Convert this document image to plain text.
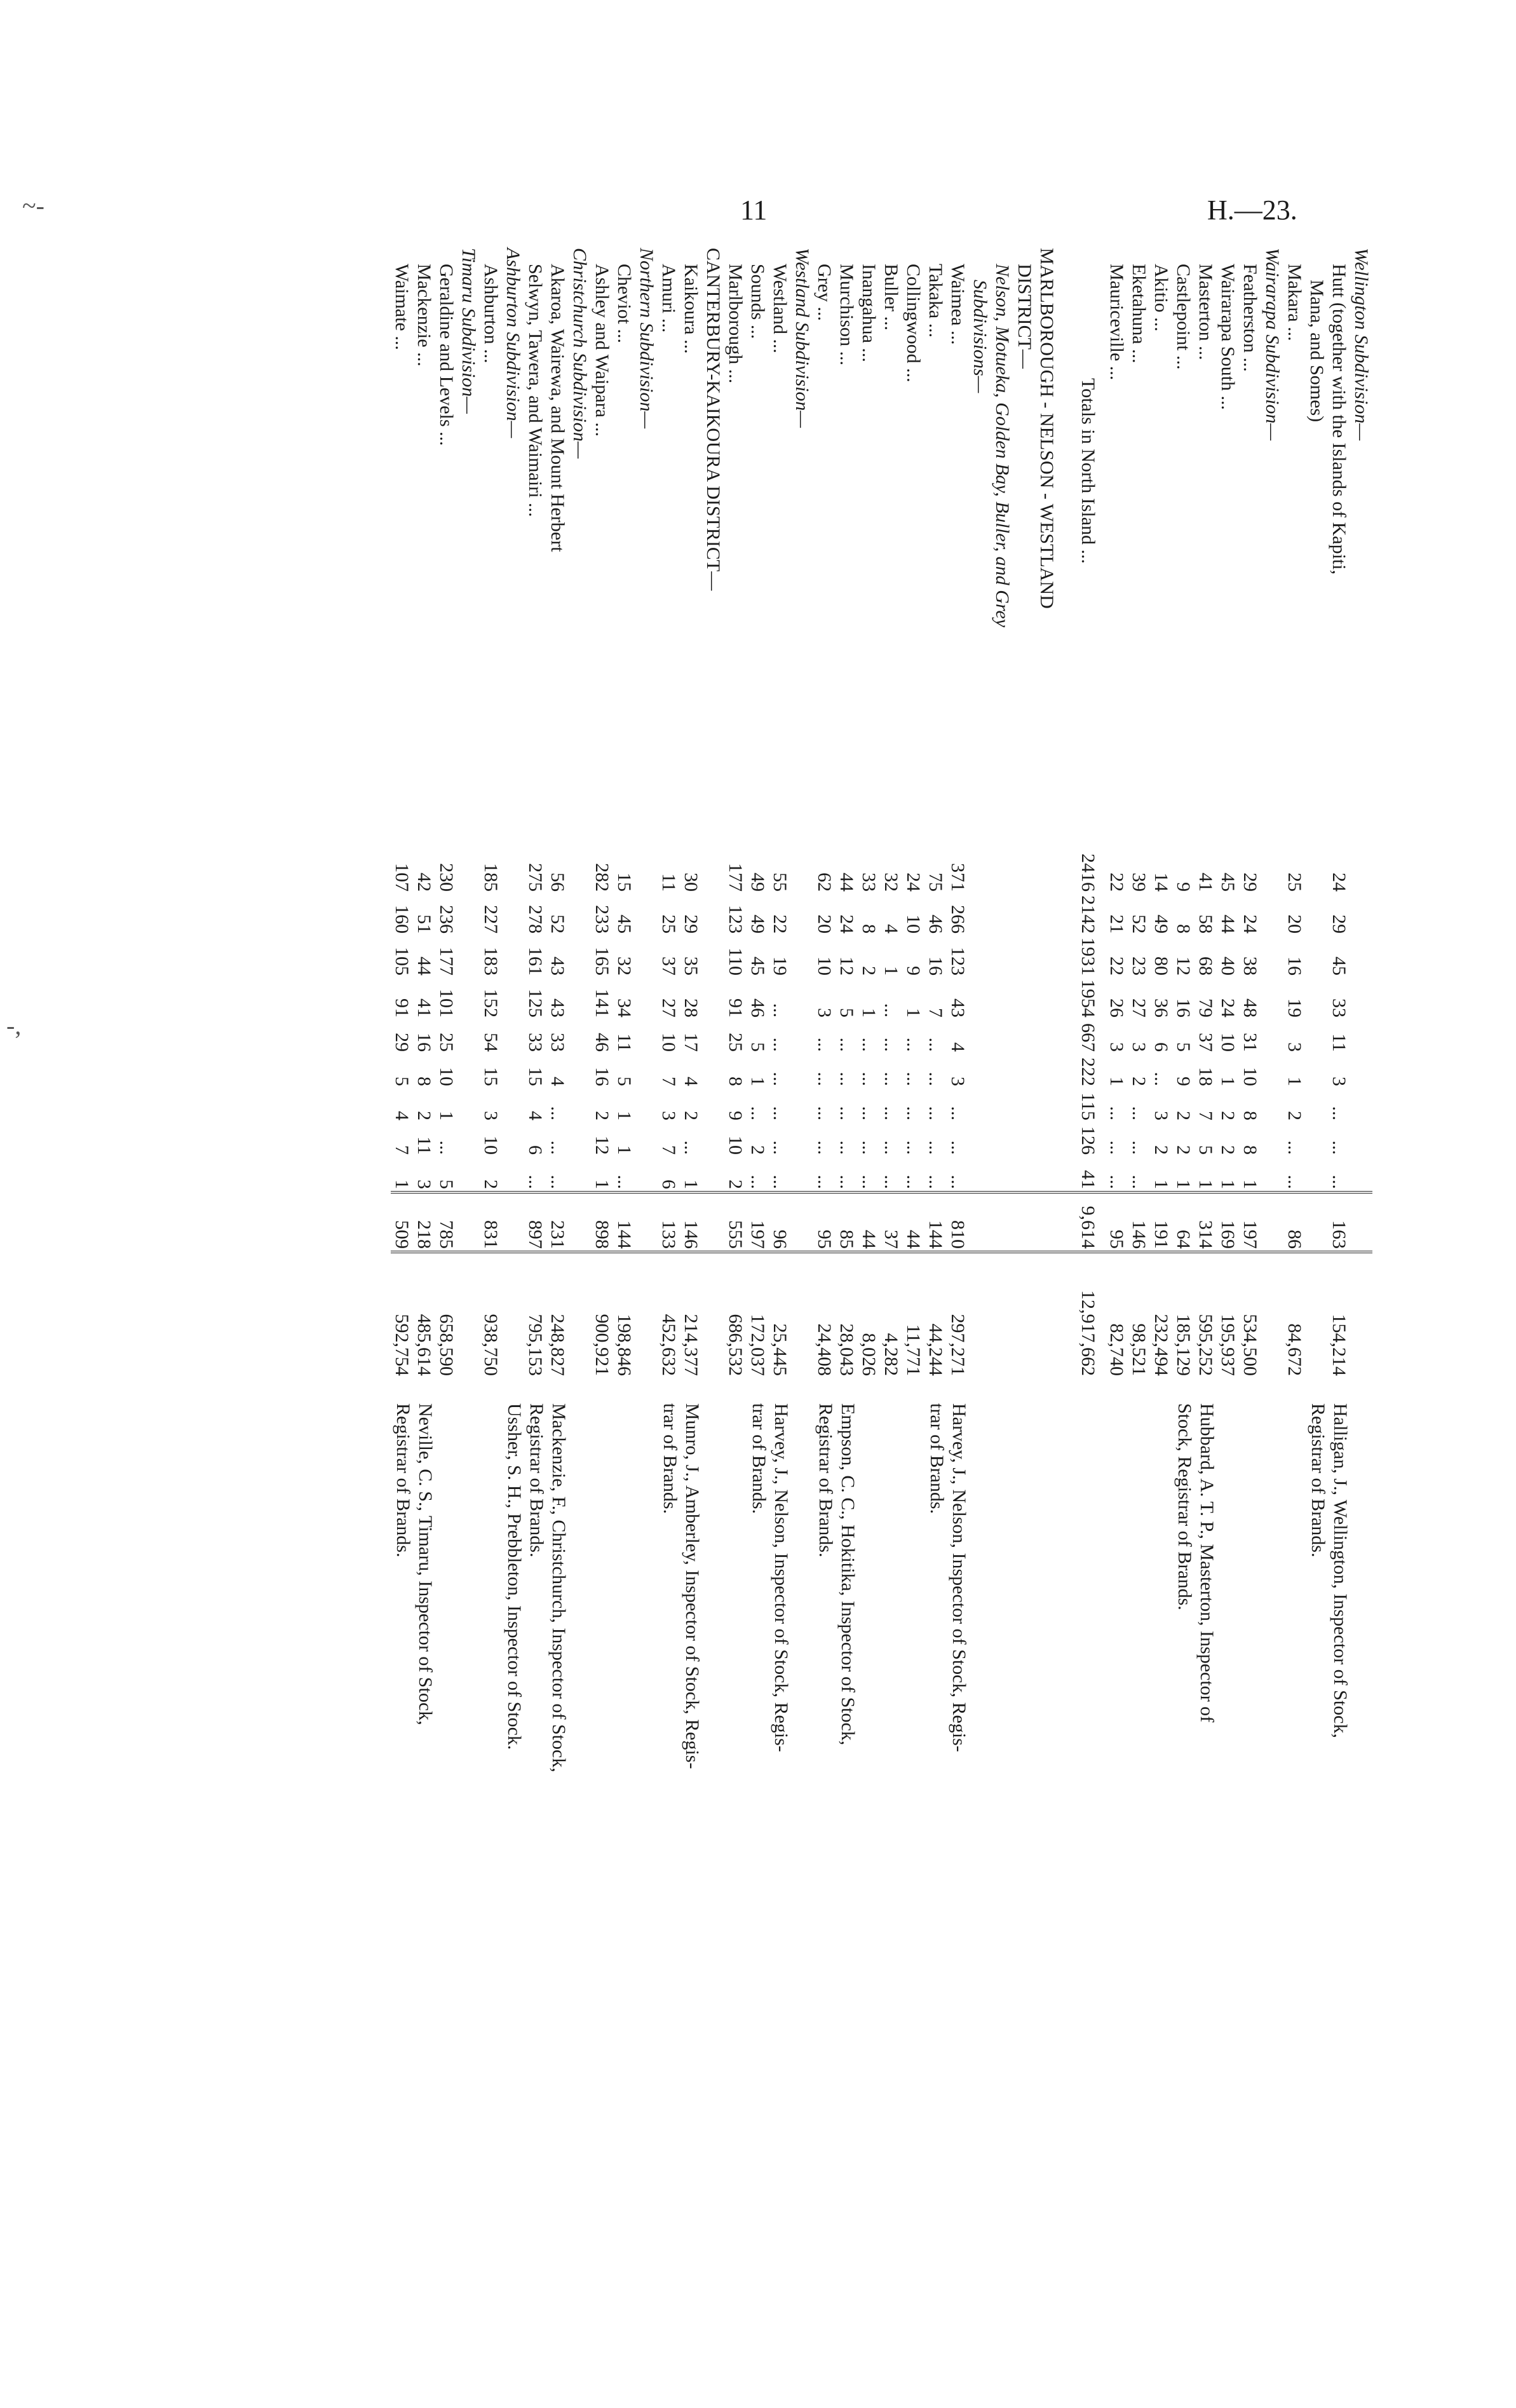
11	H.—23.
~-
-,
Wellington Subdivision—												
Hutt (together with the Islands of Kapiti,	24	29	45	33	11	3	...	...	...	163	154,214	Halligan, J., Wellington, Inspector of Stock,
Mana, and Somes)												Registrar of Brands.
Makara ...	25	20	16	19	3	1	2	...	...	86	84,672	
Wairarapa Subdivision—												
Featherston ...	29	24	38	48	31	10	8	8	1	197	534,500	
Wairarapa South ...	45	44	40	24	10	1	2	2	1	169	195,937	
Masterton ...	41	58	68	79	37	18	7	5	1	314	595,252	Hubbard, A. T. P., Masterton, Inspector of
Castlepoint ...	9	8	12	16	5	9	2	2	1	64	185,129	Stock, Registrar of Brands.
Akitio ...	14	49	80	36	6	...	3	2	1	191	232,494	
Eketahuna ...	39	52	23	27	3	2	...	...	...	146	98,521	
Mauriceville ...	22	21	22	26	3	1	...	...	...	95	82,740	
Totals in North Island ...	2416	2142	1931	1954	667	222	115	126	41	9,614	12,917,662	

MARLBOROUGH - NELSON - WESTLAND												
DISTRICT—												
Nelson, Motueka, Golden Bay, Buller, and Grey												
Subdivisions—												
Waimea ...	371	266	123	43	4	3	...	...	...	810	297,271	Harvey, J., Nelson, Inspector of Stock, Regis-
Takaka ...	75	46	16	7	...	...	...	...	...	144	44,244	trar of Brands.
Collingwood ...	24	10	9	1	...	...	...	...	...	44	11,771	
Buller ...	32	4	1	...	...	...	...	...	...	37	4,282	
Inangahua ...	33	8	2	1	...	...	...	...	...	44	8,026	
Murchison ...	44	24	12	5	...	...	...	...	...	85	28,043	Empson, C. C., Hokitika, Inspector of Stock,
Grey ...	62	20	10	3	...	...	...	...	...	95	24,408	Registrar of Brands.
Westland Subdivision—												
Westland ...	55	22	19	...	...	...	...	...	...	96	25,445	Harvey, J., Nelson, Inspector of Stock, Regis-
Sounds ...	49	49	45	46	5	1	...	2	...	197	172,037	trar of Brands.
Marlborough ...	177	123	110	91	25	8	9	10	2	555	686,532	
CANTERBURY-KAIKOURA DISTRICT—												
Kaikoura ...	30	29	35	28	17	4	2	...	1	146	214,377	Munro, J., Amberley, Inspector of Stock, Regis-
Amuri ...	11	25	37	27	10	7	3	7	6	133	452,632	trar of Brands.
Northern Subdivision—												
Cheviot ...	15	45	32	34	11	5	1	1	...	144	198,846	
Ashley and Waipara ...	282	233	165	141	46	16	2	12	1	898	900,921	
Christchurch Subdivision—												
Akaroa, Wairewa, and Mount Herbert	56	52	43	43	33	4	...	...	...	231	248,827	Mackenzie, F., Christchurch, Inspector of Stock,
Selwyn, Tawera, and Waimairi ...	275	278	161	125	33	15	4	6	...	897	795,153	Registrar of Brands.
Ashburton Subdivision—												Ussher, S. H., Prebbleton, Inspector of Stock.
Ashburton ...	185	227	183	152	54	15	3	10	2	831	938,750	
Timaru Subdivision—												
Geraldine and Levels ...	230	236	177	101	25	10	1	...	5	785	658,590	
Mackenzie ...	42	51	44	41	16	8	2	11	3	218	485,614	Neville, C. S., Timaru, Inspector of Stock,
Waimate ...	107	160	105	91	29	5	4	7	1	509	592,754	Registrar of Brands.
